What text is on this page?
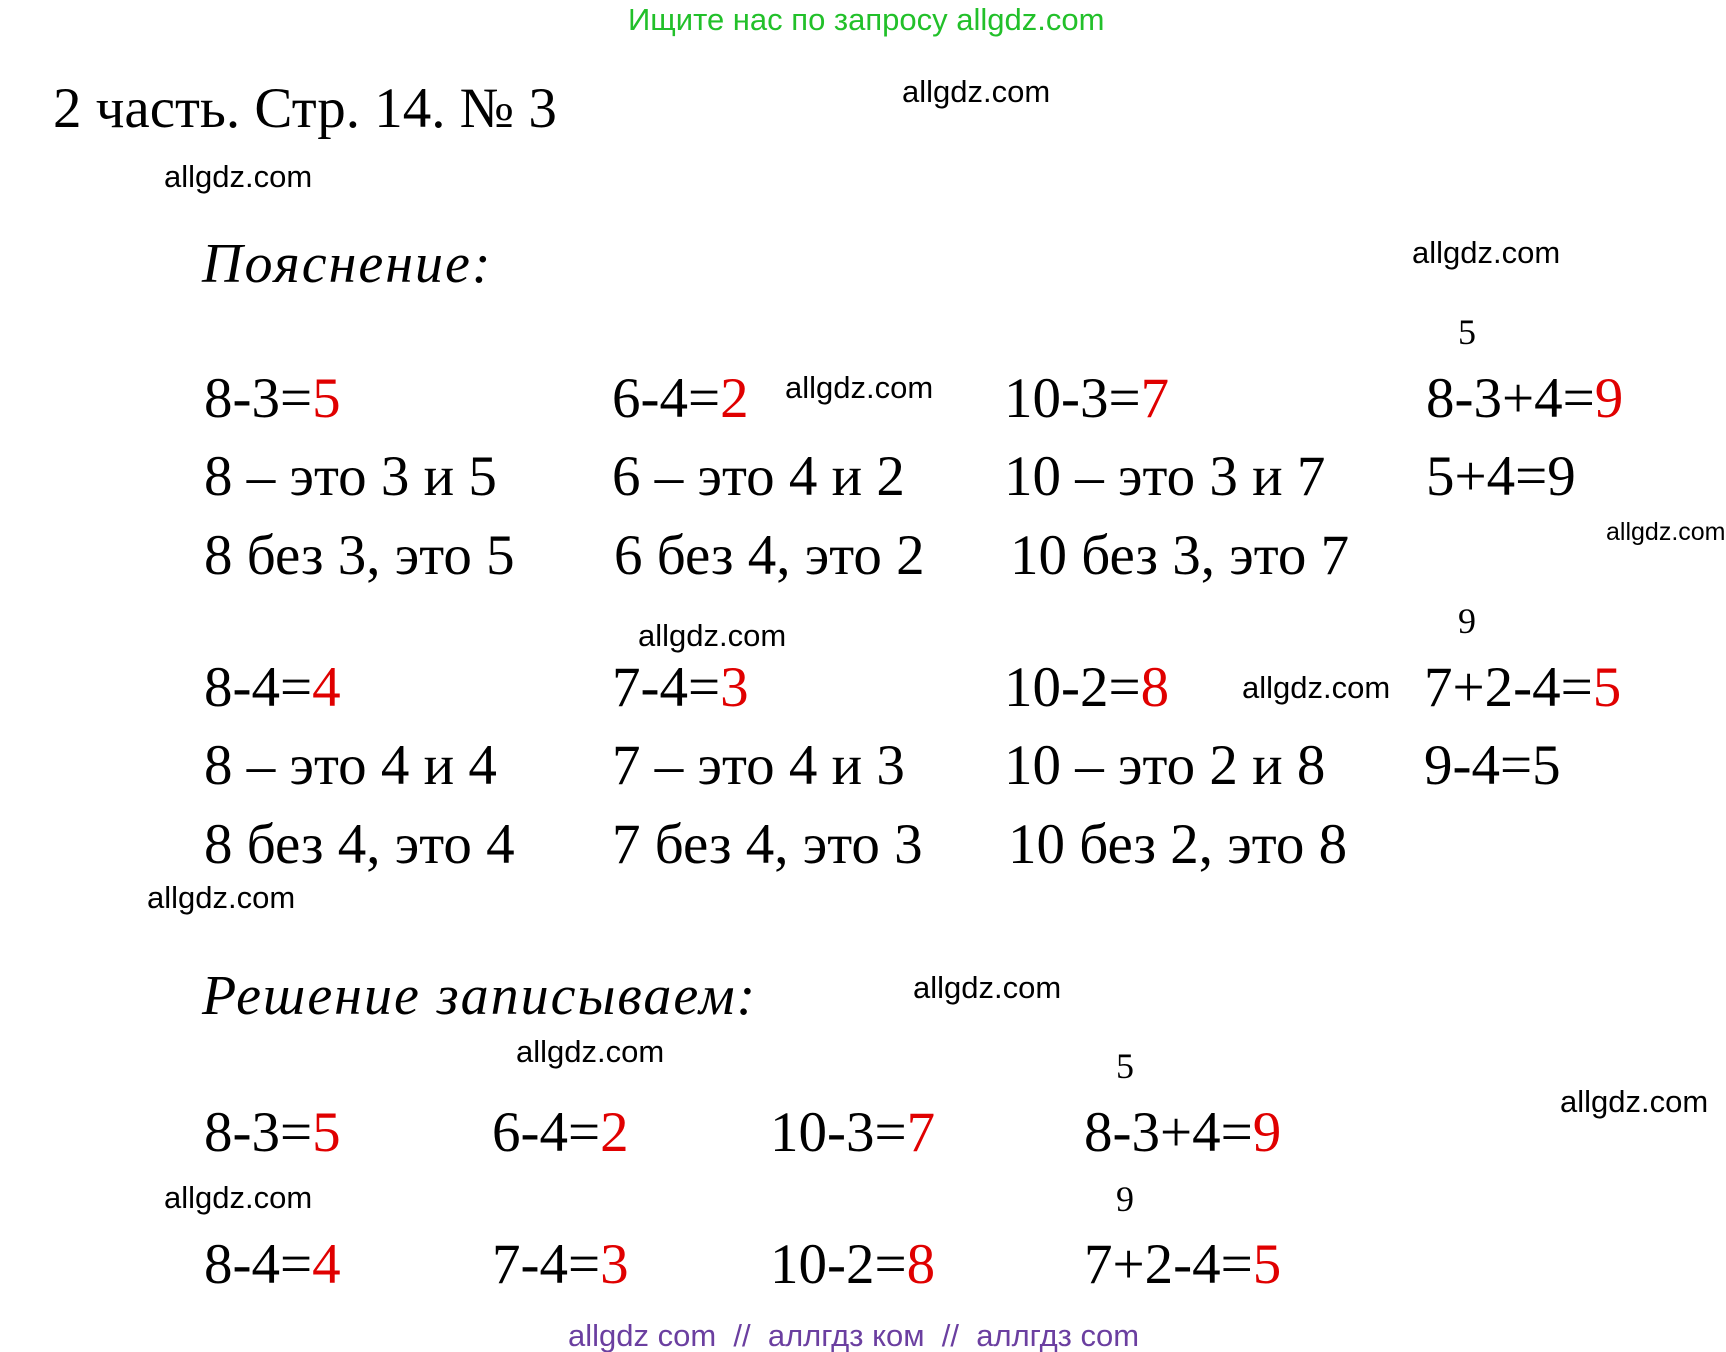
Ищите нас по запросу allgdz.com
2 часть. Стр. 14. № 3	allgdz.com
allgdz.com
allgdz.com
allgdz.com
allgdz.com
allgdz.com
allgdz.com
allgdz.com
allgdz.com
allgdz.com
allgdz.com
allgdz.com
Пояснение:
8-3=5
8 – это 3 и 5
8 без 3, это 5
6-4=2
6 – это 4 и 2
6 без 4, это 2
10-3=7
10 – это 3 и 7
10 без 3, это 7
5
8-3+4=9
5+4=9
8-4=4
8 – это 4 и 4
8 без 4, это 4
7-4=3
7 – это 4 и 3
7 без 4, это 3
10-2=8
10 – это 2 и 8
10 без 2, это 8
9
7+2-4=5
9-4=5
Решение записываем:
8-3=5	6-4=2 10-3=7
5
8-3+4=9
8-4=4	7-4=3 10-2=8
9
7+2-4=5
allgdz com  //  аллгдз ком  //  аллгдз com
